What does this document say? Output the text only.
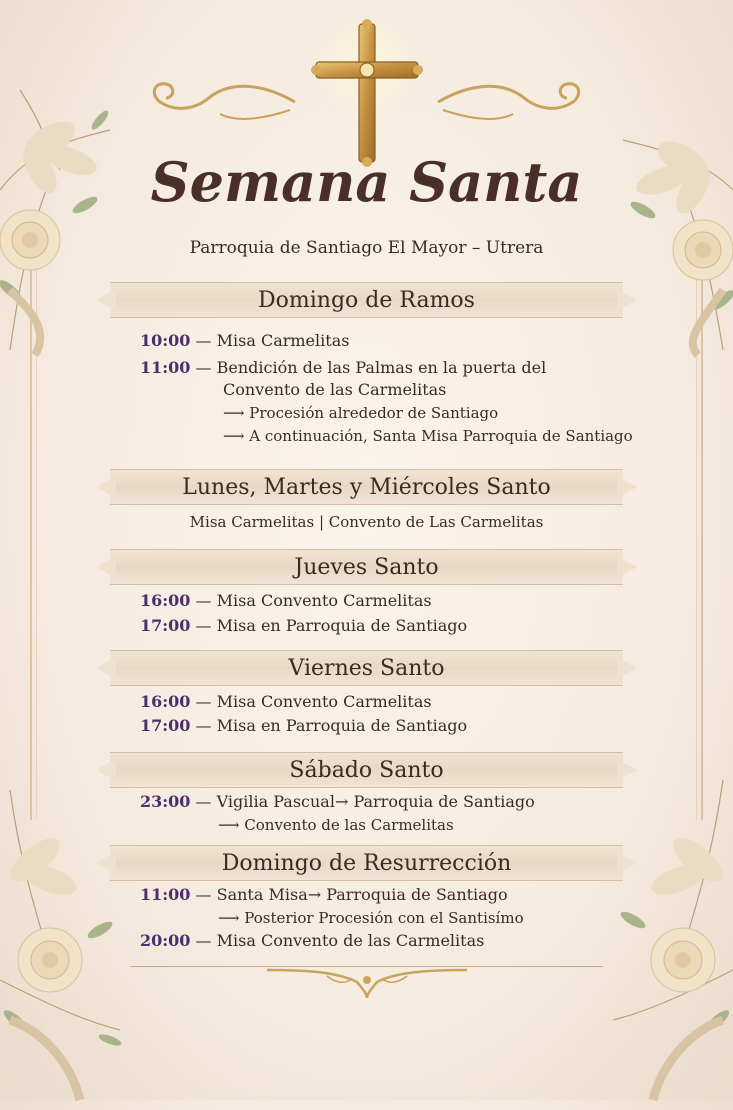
Semana Santa
Parroquia de Santiago El Mayor – Utrera
Domingo de Ramos
10:00 — Misa Carmelitas
11:00 — Bendición de las Palmas en la puerta del
Convento de las Carmelitas
⟶ Procesión alrededor de Santiago
⟶ A continuación, Santa Misa Parroquia de Santiago
Lunes, Martes y Miércoles Santo
Misa Carmelitas | Convento de Las Carmelitas
Jueves Santo
16:00 — Misa Convento Carmelitas
17:00 — Misa en Parroquia de Santiago
Viernes Santo
16:00 — Misa Convento Carmelitas
17:00 — Misa en Parroquia de Santiago
Sábado Santo
23:00 — Vigilia Pascual→ Parroquia de Santiago
⟶ Convento de las Carmelitas
Domingo de Resurrección
11:00 — Santa Misa→ Parroquia de Santiago
⟶ Posterior Procesión con el Santisímo
20:00 — Misa Convento de las Carmelitas
